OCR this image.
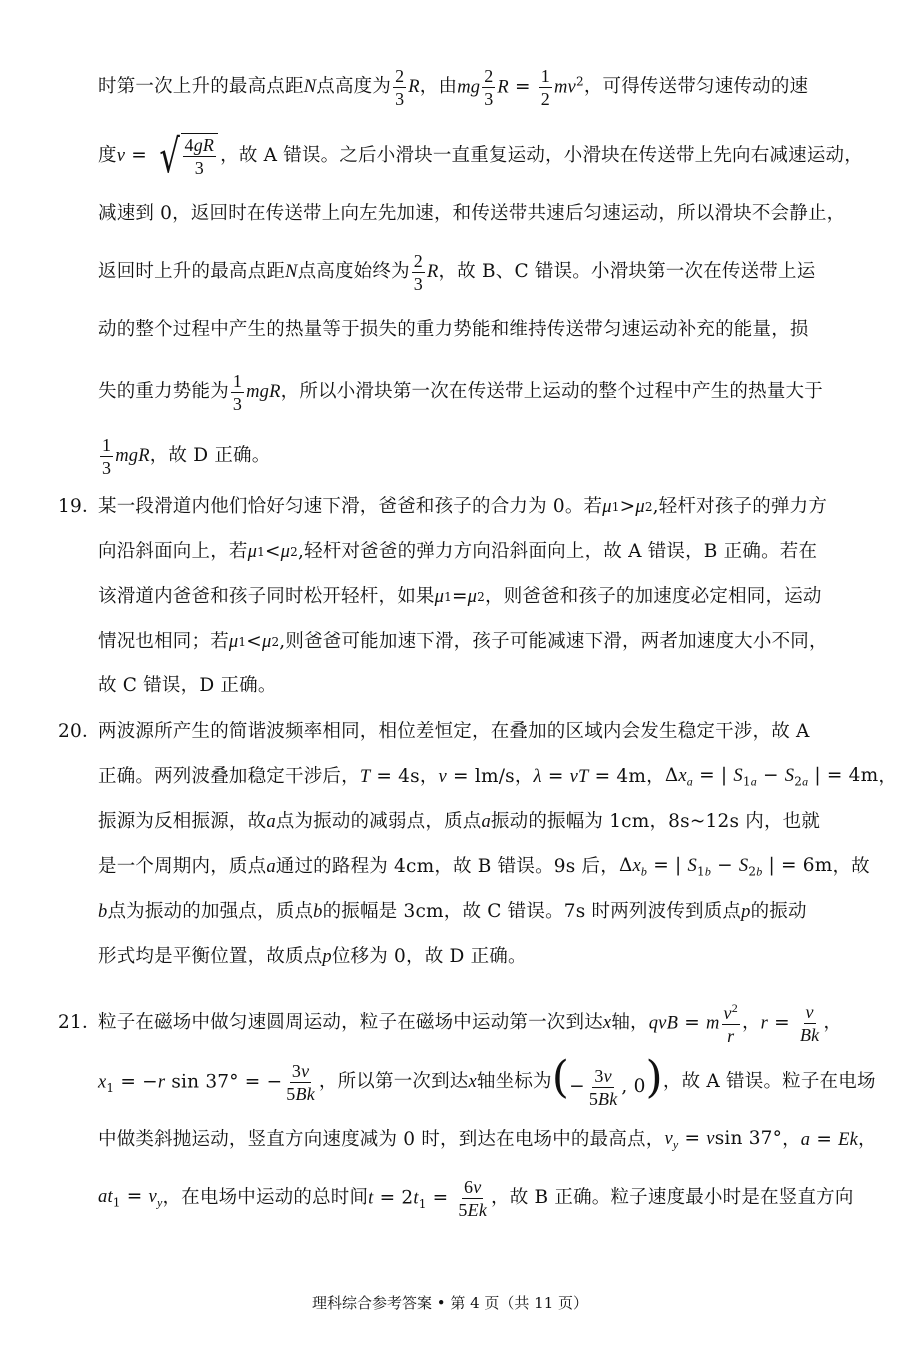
时第一次上升的最高点距 N 点高度为 $\frac{2}{3}$ R ，由 mg $\frac{2}{3}$ $R = \frac{1}{2} mv^2$ ，可得传送带匀速传动的速
度 v = √ $\frac{4gR}{3}$ ，故 A 错误。之后小滑块一直重复运动，小滑块在传送带上先向右减速运动，
减速到 0，返回时在传送带上向左先加速，和传送带共速后匀速运动，所以滑块不会静止，
返回时上升的最高点距 N 点高度始终为 $\frac{2}{3}$ R ，故 B、C 错误。小滑块第一次在传送带上运
动的整个过程中产生的热量等于损失的重力势能和维持传送带匀速运动补充的能量，损
失的重力势能为 $\frac{1}{3}$ mgR ，所以小滑块第一次在传送带上运动的整个过程中产生的热量大于
$\frac{1}{3}$ mgR ，故 D 正确。
19．
某一段滑道内他们恰好匀速下滑，爸爸和孩子的合力为 0。若 μ 1 > μ 2 ,轻杆对孩子的弹力方
向沿斜面向上，若 μ 1 < μ 2 ,轻杆对爸爸的弹力方向沿斜面向上，故 A 错误，B 正确。若在
该滑道内爸爸和孩子同时松开轻杆，如果 μ 1 = μ 2 ，则爸爸和孩子的加速度必定相同，运动
情况也相同；若 μ 1 < μ 2 ,则爸爸可能加速下滑，孩子可能减速下滑，两者加速度大小不同，
故 C 错误，D 正确。
20．
两波源所产生的简谐波频率相同，相位差恒定，在叠加的区域内会发生稳定干涉，故 A
正确。两列波叠加稳定干涉后， T = 4s ， v = lm/s ， λ = vT = 4m ， $\Delta x_a$ = | $S_{1a} - S_{2a}$ | = 4m ，
振源为反相振源，故 a 点为振动的减弱点，质点 a 振动的振幅为 1cm，8s~12s 内，也就
是一个周期内，质点 a 通过的路程为 4cm，故 B 错误。9s 后， $\Delta x_b$ = | $S_{1b} - S_{2b}$ | = 6m ，故
b 点为振动的加强点，质点 b 的振幅是 3cm，故 C 错误。7s 时两列波传到质点 p 的振动
形式均是平衡位置，故质点 p 位移为 0，故 D 正确。
21．
粒子在磁场中做匀速圆周运动，粒子在磁场中运动第一次到达 x 轴， qvB = m $\frac{v^2}{r}$ ， $r = \frac{v}{Bk}$ ，
$x_1 = -r$ sin 37° = − $\frac{3v}{5Bk}$ ，所以第一次到达 x 轴坐标为 (− $\frac{3v}{5Bk}$ , 0) ，故 A 错误。粒子在电场
中做类斜抛运动，竖直方向速度减为 0 时，到达在电场中的最高点， $v_y = vsin$ 37° ， a = Ek ，
$at_1 = v_y$ ，在电场中运动的总时间 $t = 2t_1 = \frac{6v}{5Ek}$ ，故 B 正确。粒子速度最小时是在竖直方向
理科综合参考答案 • 第 4 页（共 11 页）
